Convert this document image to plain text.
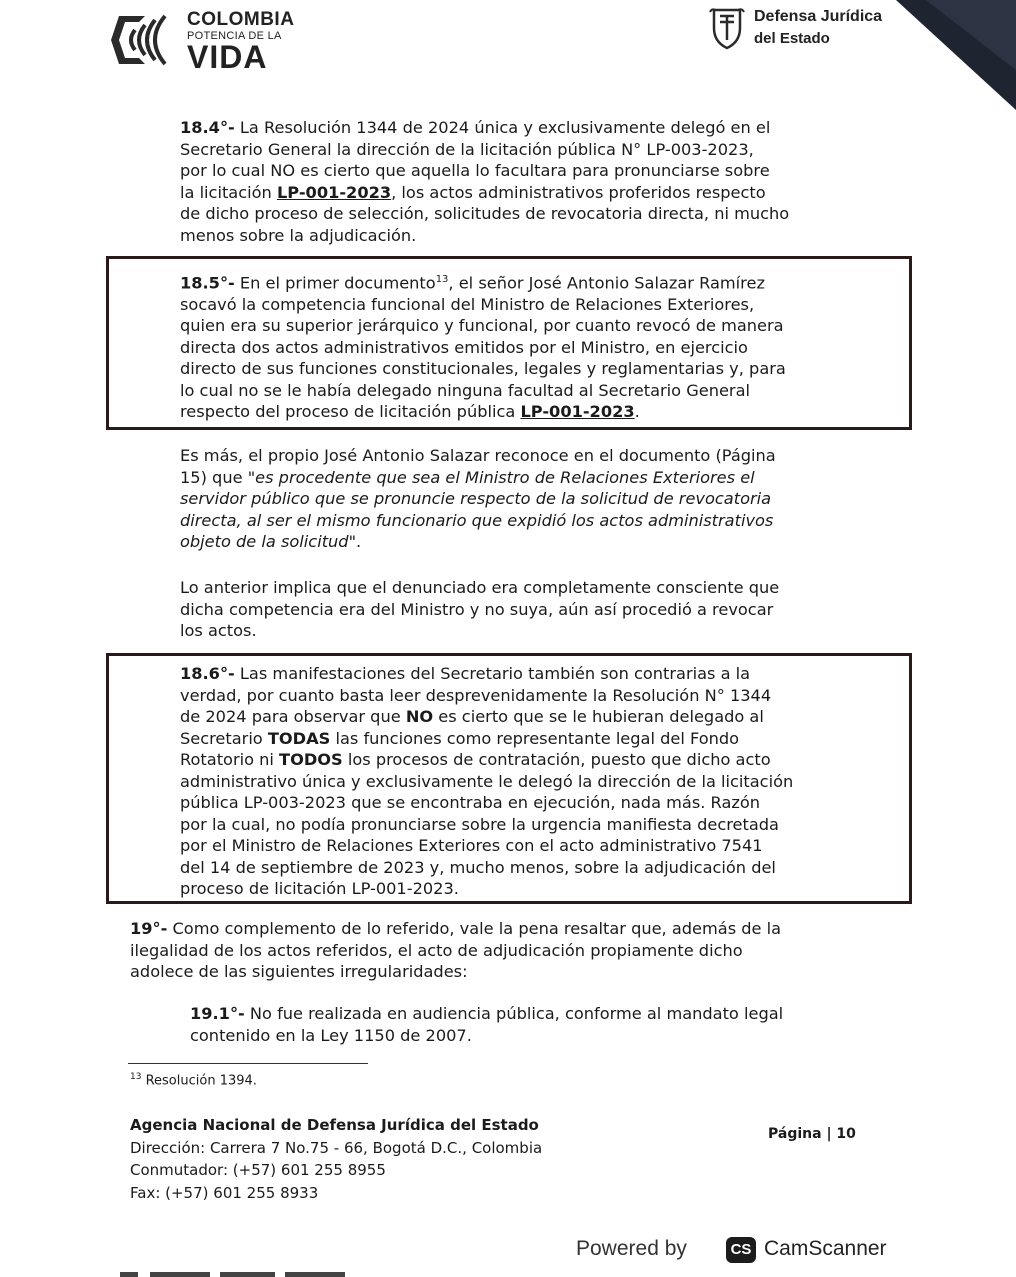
COLOMBIA
POTENCIA DE LA
VIDA
Defensa Jurídica
del Estado
18.4°- La Resolución 1344 de 2024 única y exclusivamente delegó en el
Secretario General la dirección de la licitación pública N° LP-003-2023,
por lo cual NO es cierto que aquella lo facultara para pronunciarse sobre
la licitación LP-001-2023, los actos administrativos proferidos respecto
de dicho proceso de selección, solicitudes de revocatoria directa, ni mucho
menos sobre la adjudicación.
18.5°- En el primer documento$^{13}$, el señor José Antonio Salazar Ramírez
socavó la competencia funcional del Ministro de Relaciones Exteriores,
quien era su superior jerárquico y funcional, por cuanto revocó de manera
directa dos actos administrativos emitidos por el Ministro, en ejercicio
directo de sus funciones constitucionales, legales y reglamentarias y, para
lo cual no se le había delegado ninguna facultad al Secretario General
respecto del proceso de licitación pública LP-001-2023.
Es más, el propio José Antonio Salazar reconoce en el documento (Página
15) que "es procedente que sea el Ministro de Relaciones Exteriores el
servidor público que se pronuncie respecto de la solicitud de revocatoria
directa, al ser el mismo funcionario que expidió los actos administrativos
objeto de la solicitud".
Lo anterior implica que el denunciado era completamente consciente que
dicha competencia era del Ministro y no suya, aún así procedió a revocar
los actos.
18.6°- Las manifestaciones del Secretario también son contrarias a la
verdad, por cuanto basta leer desprevenidamente la Resolución N° 1344
de 2024 para observar que NO es cierto que se le hubieran delegado al
Secretario TODAS las funciones como representante legal del Fondo
Rotatorio ni TODOS los procesos de contratación, puesto que dicho acto
administrativo única y exclusivamente le delegó la dirección de la licitación
pública LP-003-2023 que se encontraba en ejecución, nada más. Razón
por la cual, no podía pronunciarse sobre la urgencia manifiesta decretada
por el Ministro de Relaciones Exteriores con el acto administrativo 7541
del 14 de septiembre de 2023 y, mucho menos, sobre la adjudicación del
proceso de licitación LP-001-2023.
19°- Como complemento de lo referido, vale la pena resaltar que, además de la
ilegalidad de los actos referidos, el acto de adjudicación propiamente dicho
adolece de las siguientes irregularidades:
19.1°- No fue realizada en audiencia pública, conforme al mandato legal
contenido en la Ley 1150 de 2007.
$^{13}$ Resolución 1394.
Agencia Nacional de Defensa Jurídica del Estado
Dirección: Carrera 7 No.75 - 66, Bogotá D.C., Colombia
Conmutador: (+57) 601 255 8955
Fax: (+57) 601 255 8933
Página | 10
Powered by	CS CamScanner
